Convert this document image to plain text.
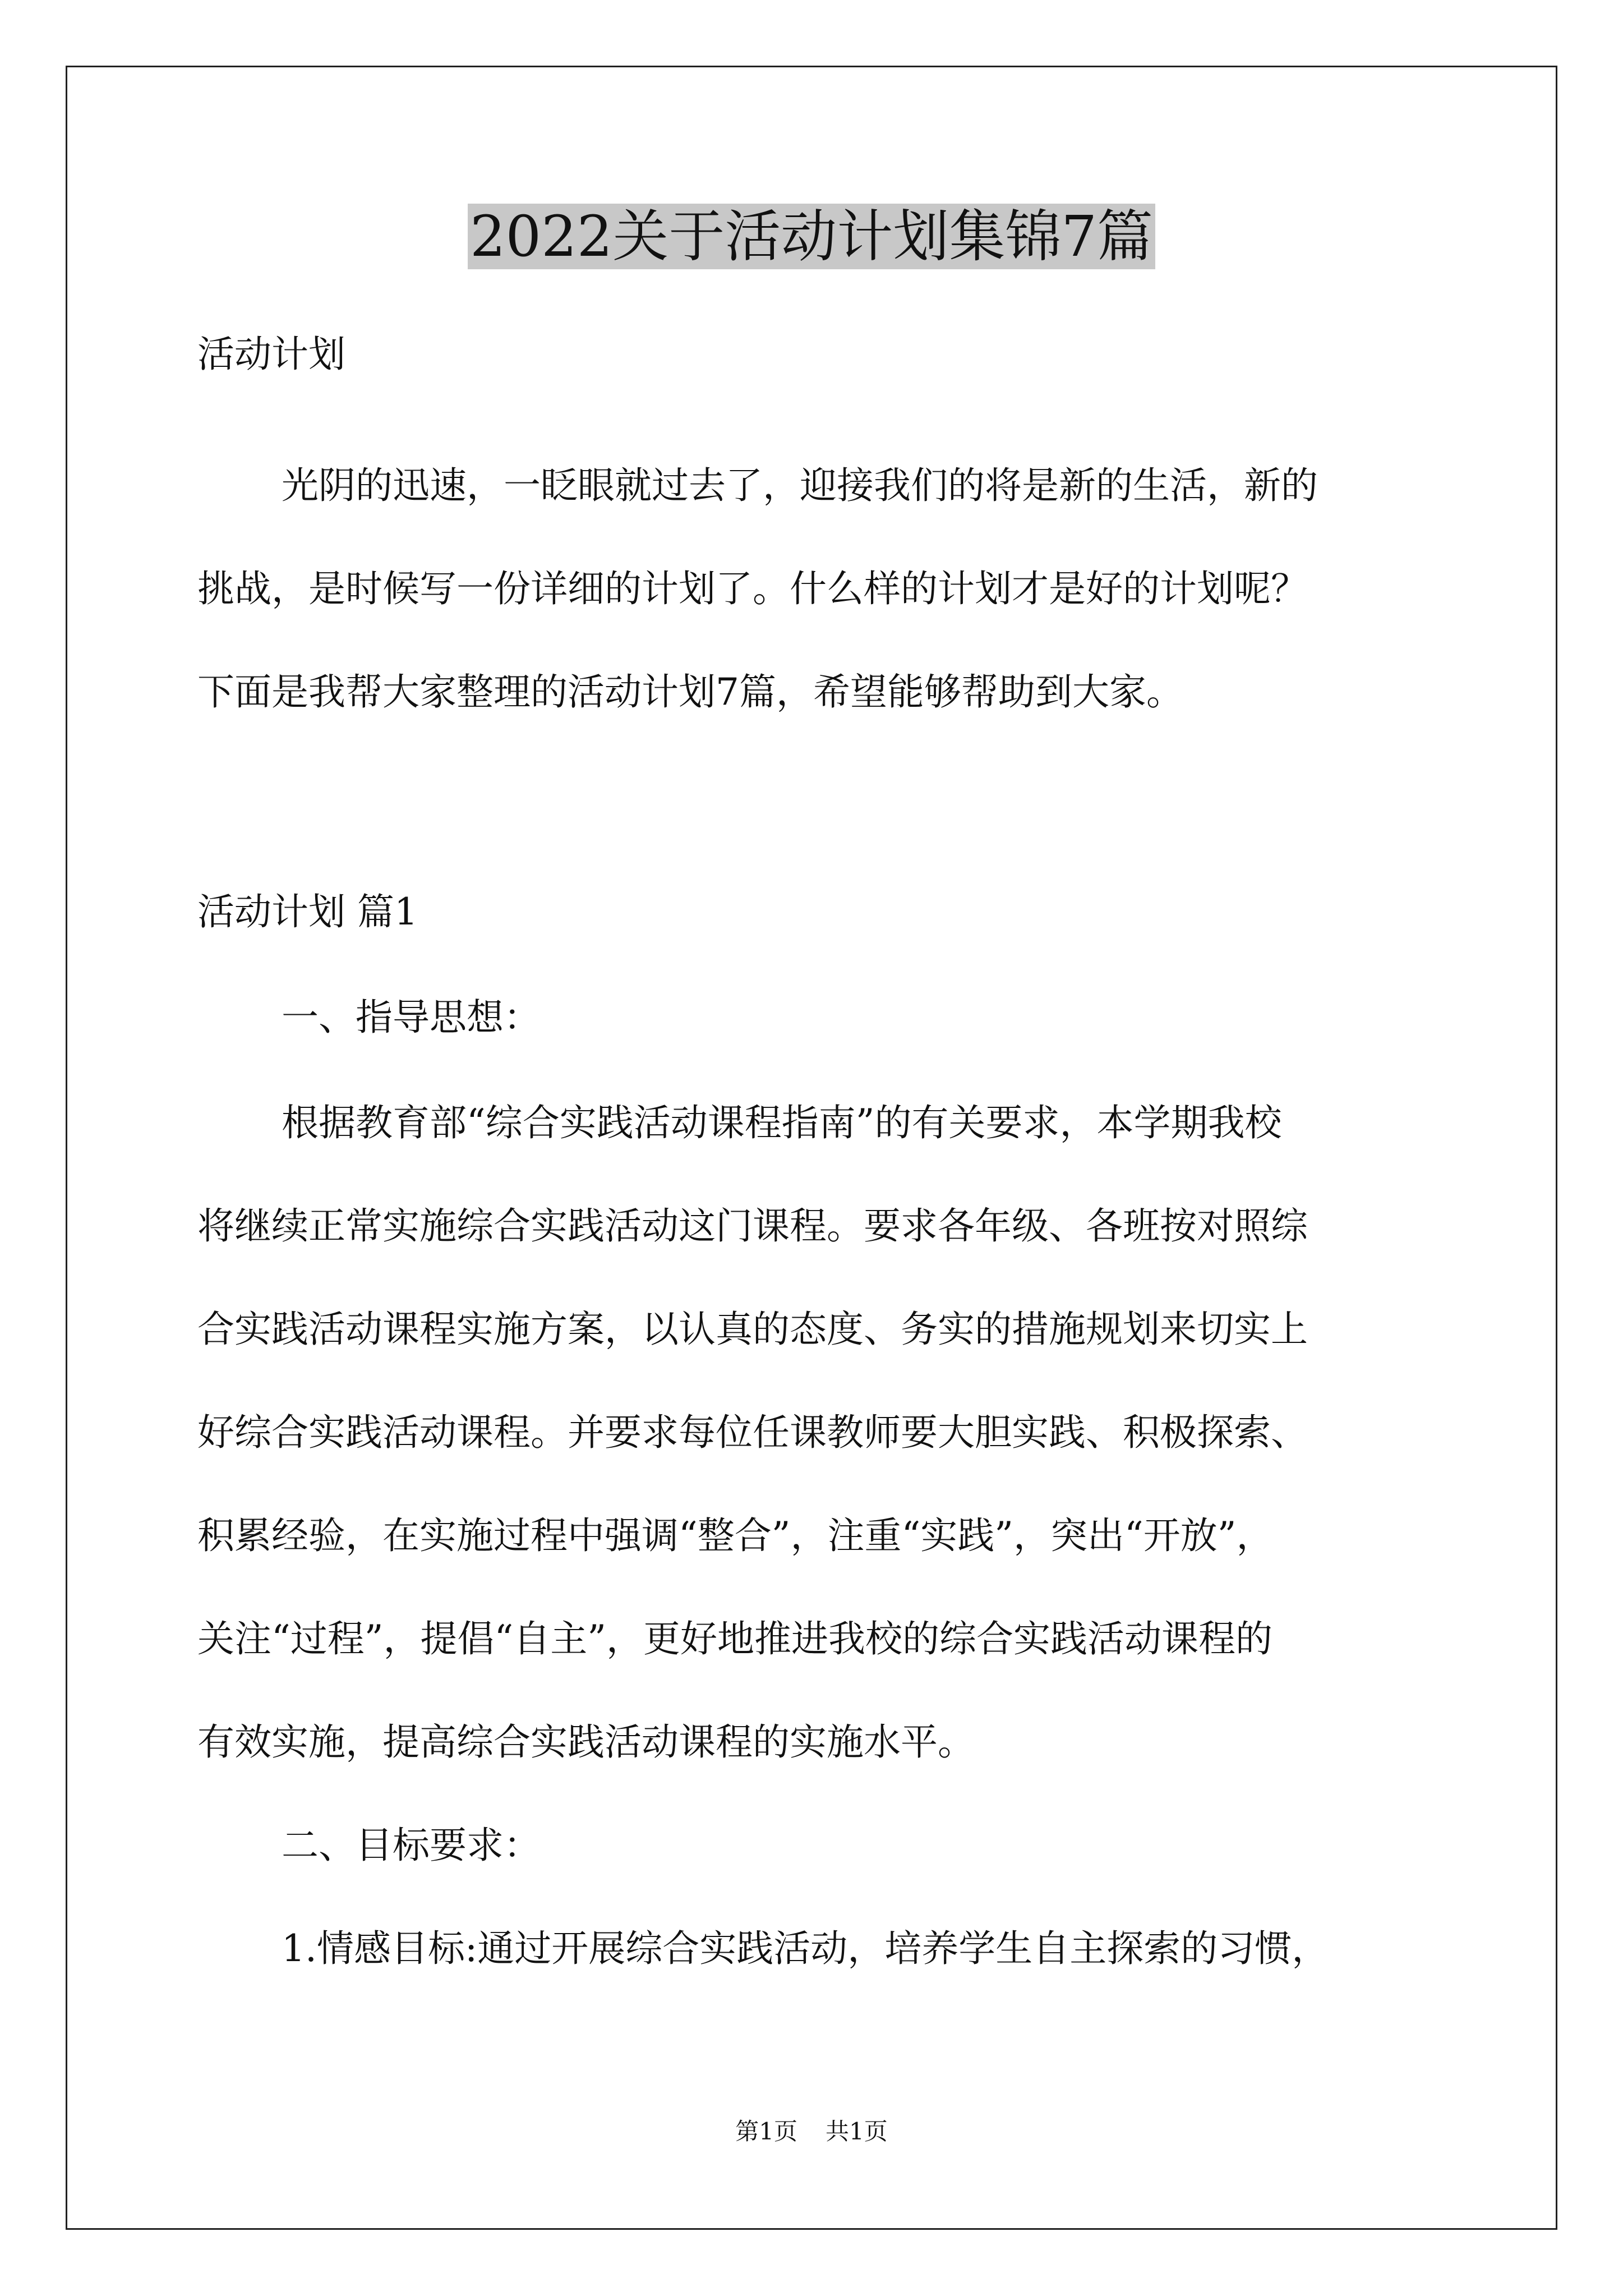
2022关于活动计划集锦7篇

活动计划

光阴的迅速，一眨眼就过去了，迎接我们的将是新的生活，新的

挑战，是时候写一份详细的计划了。什么样的计划才是好的计划呢？

下面是我帮大家整理的活动计划7篇，希望能够帮助到大家。

活动计划 篇1

一、指导思想：

根据教育部“综合实践活动课程指南”的有关要求，本学期我校

将继续正常实施综合实践活动这门课程。要求各年级、各班按对照综

合实践活动课程实施方案，以认真的态度、务实的措施规划来切实上

好综合实践活动课程。并要求每位任课教师要大胆实践、积极探索、

积累经验，在实施过程中强调“整合”，注重“实践”，突出“开放”，

关注“过程”，提倡“自主”，更好地推进我校的综合实践活动课程的

有效实施，提高综合实践活动课程的实施水平。

二、目标要求：

1.情感目标:通过开展综合实践活动，培养学生自主探索的习惯，

第1页 共1页
